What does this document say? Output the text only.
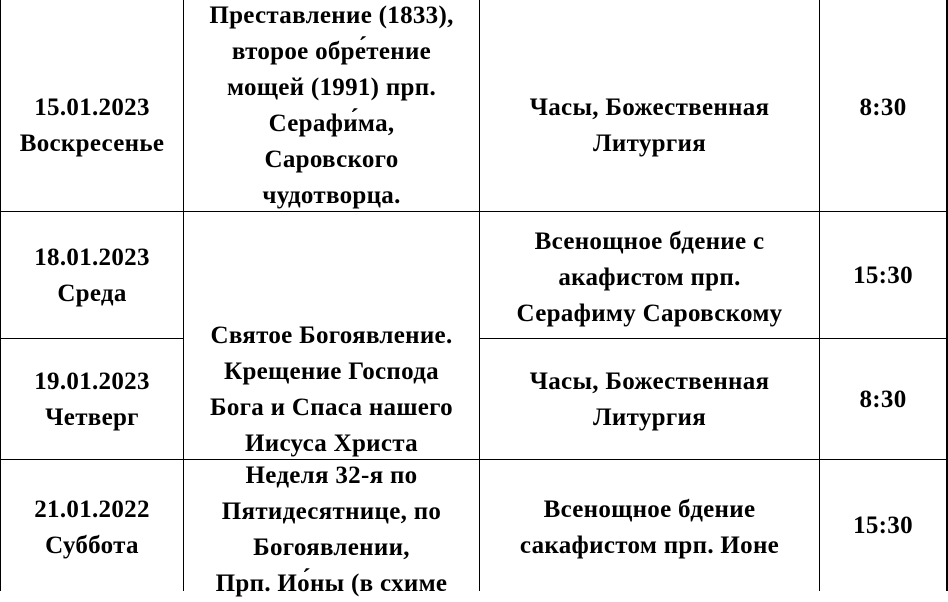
15.01.2023
Воскресенье
Преставление (1833),
второе обре́тение
мощей (1991) прп.
Серафи́ма,
Саровского
чудотворца.
Часы, Божественная
Литургия
8:30
18.01.2023
Среда
Всенощное бдение с
акафистом прп.
Серафиму Саровскому
15:30
Святое Богоявление.
Крещение Господа
Бога и Спаса нашего
Иисуса Христа
19.01.2023
Четверг
Часы, Божественная
Литургия
8:30
21.01.2022
Суббота
Неделя 32-я по
Пятидесятнице, по
Богоявлении,
Прп. Ио́ны (в схиме
Всенощное бдение
сакафистом прп. Ионе
15:30
